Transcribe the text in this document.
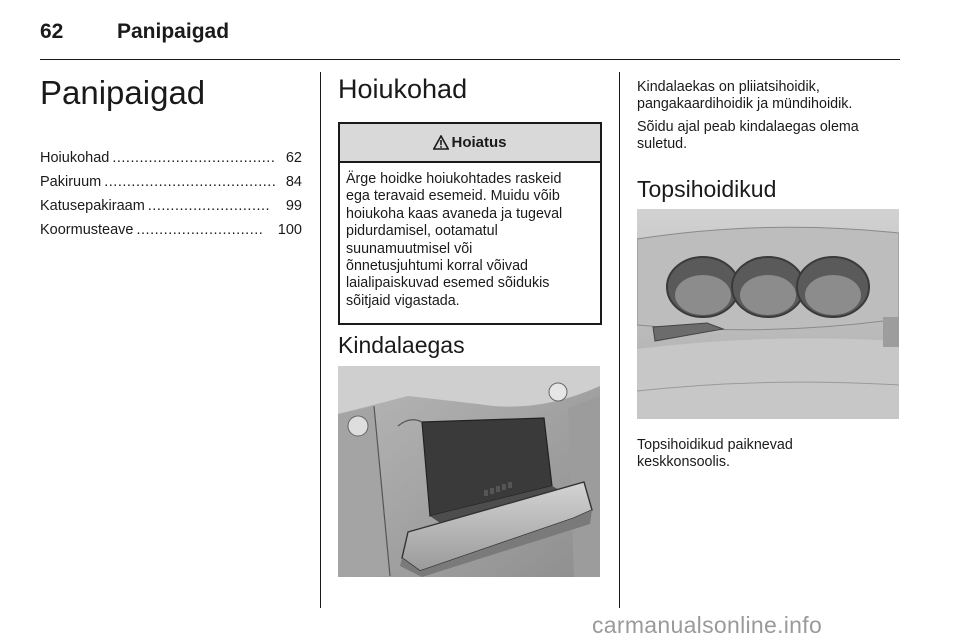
62	Panipaigad
Panipaigad
Hoiukohad .................................... 62
Pakiruum ...................................... 84
Katusepakiraam ...........................	99
Koormusteave ............................ 100
Hoiukohad
Hoiatus
Ärge hoidke hoiukohtades raskeid
ega teravaid esemeid. Muidu võib
hoiukoha kaas avaneda ja tugeval
pidurdamisel, ootamatul
suunamuutmisel või
õnnetusjuhtumi korral võivad
laialipaiskuvad esemed sõidukis
sõitjaid vigastada.
Kindalaegas
Kindalaekas on pliiatsihoidik,
pangakaardihoidik ja mündihoidik.
Sõidu ajal peab kindalaegas olema
suletud.
Topsihoidikud
Topsihoidikud paiknevad
keskkonsoolis.
carmanualsonline.info
